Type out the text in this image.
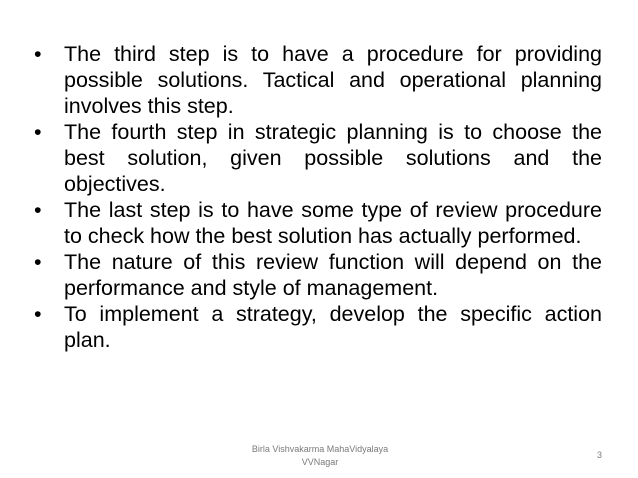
•	The third step is to have a procedure for providing possible solutions. Tactical and operational planning involves this step.
•	The fourth step in strategic planning is to choose the best solution, given possible solutions and the objectives.
•	The last step is to have some type of review procedure to check how the best solution has actually performed.
•	The nature of this review function will depend on the performance and style of management.
•	To implement a strategy, develop the specific action plan.
Birla Vishvakarma MahaVidyalaya
VVNagar
3
